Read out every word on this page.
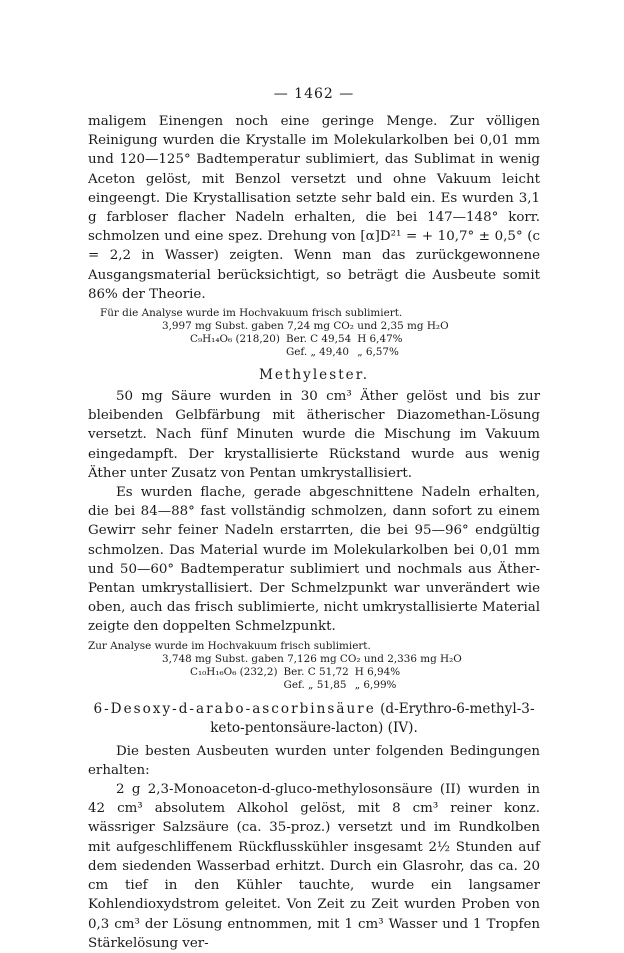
— 1462 —

maligem Einengen noch eine geringe Menge. Zur völligen Reinigung wurden die Krystalle im Molekularkolben bei 0,01 mm und 120—125° Badtemperatur sublimiert, das Sublimat in wenig Aceton gelöst, mit Benzol versetzt und ohne Vakuum leicht eingeengt. Die Krystallisation setzte sehr bald ein. Es wurden 3,1 g farbloser flacher Nadeln erhalten, die bei 147—148° korr. schmolzen und eine spez. Drehung von [α]D²¹ = + 10,7° ± 0,5° (c = 2,2 in Wasser) zeigten. Wenn man das zurückgewonnene Ausgangsmaterial berücksichtigt, so beträgt die Ausbeute somit 86% der Theorie.

Für die Analyse wurde im Hochvakuum frisch sublimiert.

3,997 mg Subst. gaben 7,24 mg CO₂ und 2,35 mg H₂O
C₉H₁₄O₆ (218,20)	Ber. C 49,54	H 6,47%
	Gef. „ 49,40	„ 6,57%
Methylester.

50 mg Säure wurden in 30 cm³ Äther gelöst und bis zur bleibenden Gelbfärbung mit ätherischer Diazomethan-Lösung versetzt. Nach fünf Minuten wurde die Mischung im Vakuum eingedampft. Der krystallisierte Rückstand wurde aus wenig Äther unter Zusatz von Pentan umkrystallisiert.

Es wurden flache, gerade abgeschnittene Nadeln erhalten, die bei 84—88° fast vollständig schmolzen, dann sofort zu einem Gewirr sehr feiner Nadeln erstarrten, die bei 95—96° endgültig schmolzen. Das Material wurde im Molekularkolben bei 0,01 mm und 50—60° Badtemperatur sublimiert und nochmals aus Äther-Pentan umkrystallisiert. Der Schmelzpunkt war unverändert wie oben, auch das frisch sublimierte, nicht umkrystallisierte Material zeigte den doppelten Schmelzpunkt.

Zur Analyse wurde im Hochvakuum frisch sublimiert.

3,748 mg Subst. gaben 7,126 mg CO₂ und 2,336 mg H₂O
C₁₀H₁₆O₆ (232,2)	Ber. C 51,72	H 6,94%
	Gef. „ 51,85	„ 6,99%
6-Desoxy-d-arabo-ascorbinsäure (d-Erythro-6-methyl-3-keto-pentonsäure-lacton) (IV).

Die besten Ausbeuten wurden unter folgenden Bedingungen erhalten:

2 g 2,3-Monoaceton-d-gluco-methylosonsäure (II) wurden in 42 cm³ absolutem Alkohol gelöst, mit 8 cm³ reiner konz. wässriger Salzsäure (ca. 35-proz.) versetzt und im Rundkolben mit aufgeschliffenem Rückflusskühler insgesamt 2½ Stunden auf dem siedenden Wasserbad erhitzt. Durch ein Glasrohr, das ca. 20 cm tief in den Kühler tauchte, wurde ein langsamer Kohlendioxydstrom geleitet. Von Zeit zu Zeit wurden Proben von 0,3 cm³ der Lösung entnommen, mit 1 cm³ Wasser und 1 Tropfen Stärkelösung ver-
